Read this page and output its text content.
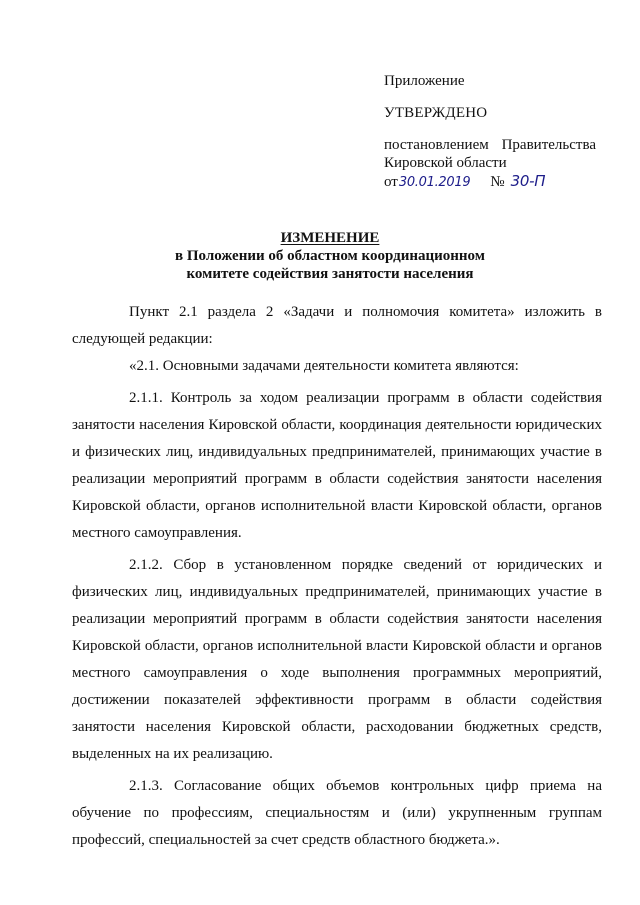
Приложение
УТВЕРЖДЕНО
постановлением Правительства
Кировской области
от 30.01.2019 № 30-П
ИЗМЕНЕНИЕ
в Положении об областном координационном
комитете содействия занятости населения

Пункт 2.1 раздела 2 «Задачи и полномочия комитета» изложить в следующей редакции:

«2.1. Основными задачами деятельности комитета являются:

2.1.1. Контроль за ходом реализации программ в области содействия занятости населения Кировской области, координация деятельности юридических и физических лиц, индивидуальных предпринимателей, принимающих участие в реализации мероприятий программ в области содействия занятости населения Кировской области, органов исполнительной власти Кировской области, органов местного самоуправления.

2.1.2. Сбор в установленном порядке сведений от юридических и физических лиц, индивидуальных предпринимателей, принимающих участие в реализации мероприятий программ в области содействия занятости населения Кировской области, органов исполнительной власти Кировской области и органов местного самоуправления о ходе выполнения программных мероприятий, достижении показателей эффективности программ в области содействия занятости населения Кировской области, расходовании бюджетных средств, выделенных на их реализацию.

2.1.3. Согласование общих объемов контрольных цифр приема на обучение по профессиям, специальностям и (или) укрупненным группам профессий, специальностей за счет средств областного бюджета.».
